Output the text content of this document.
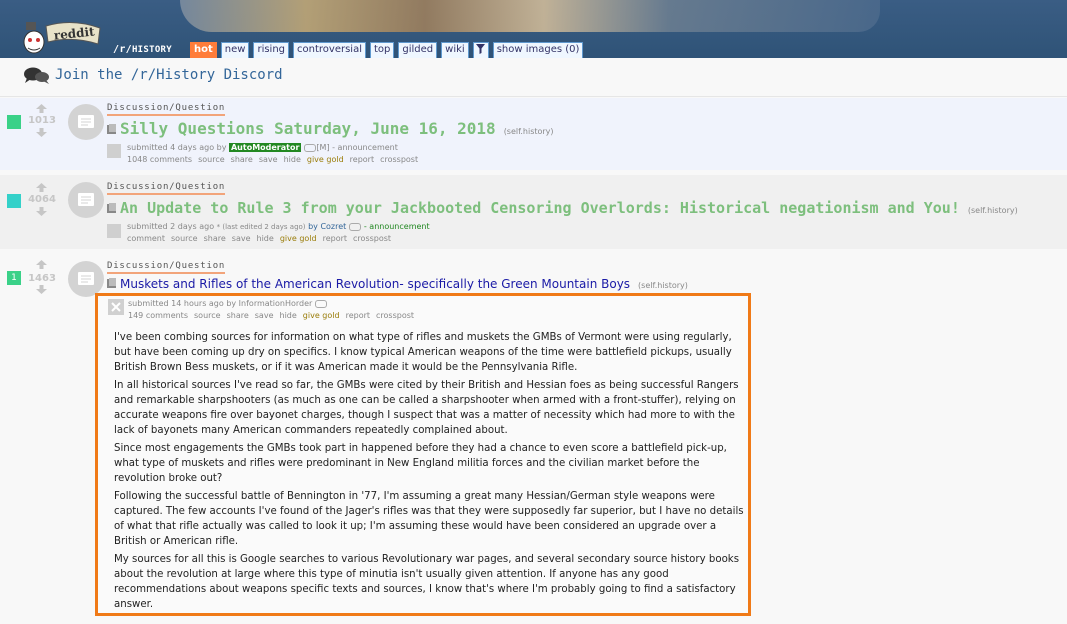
reddit
/r/HISTORY	hot	new	rising	controversial	top	gilded	wiki	show images (0)
Join the /r/History Discord
1013
Discussion/Question
Silly Questions Saturday, June 16, 2018 (self.history)
submitted 4 days ago by AutoModerator [M] - announcement
1048 comments source share save hide give gold report crosspost
4064
Discussion/Question
An Update to Rule 3 from your Jackbooted Censoring Overlords: Historical negationism and You! (self.history)
submitted 2 days ago * (last edited 2 days ago) by Cozret - announcement
comment source share save hide give gold report crosspost
1	1463
Discussion/Question
Muskets and Rifles of the American Revolution- specifically the Green Mountain Boys (self.history)
submitted 14 hours ago by InformationHorder
149 comments source share save hide give gold report crosspost

I've been combing sources for information on what type of rifles and muskets the GMBs of Vermont were using regularly, but have been coming up dry on specifics. I know typical American weapons of the time were battlefield pickups, usually British Brown Bess muskets, or if it was American made it would be the Pennsylvania Rifle.

In all historical sources I've read so far, the GMBs were cited by their British and Hessian foes as being successful Rangers and remarkable sharpshooters (as much as one can be called a sharpshooter when armed with a front-stuffer), relying on accurate weapons fire over bayonet charges, though I suspect that was a matter of necessity which had more to with the lack of bayonets many American commanders repeatedly complained about.

Since most engagements the GMBs took part in happened before they had a chance to even score a battlefield pick-up, what type of muskets and rifles were predominant in New England militia forces and the civilian market before the revolution broke out?

Following the successful battle of Bennington in '77, I'm assuming a great many Hessian/German style weapons were captured. The few accounts I've found of the Jager's rifles was that they were supposedly far superior, but I have no details of what that rifle actually was called to look it up; I'm assuming these would have been considered an upgrade over a British or American rifle.

My sources for all this is Google searches to various Revolutionary war pages, and several secondary source history books about the revolution at large where this type of minutia isn't usually given attention. If anyone has any good recommendations about weapons specific texts and sources, I know that's where I'm probably going to find a satisfactory answer.
